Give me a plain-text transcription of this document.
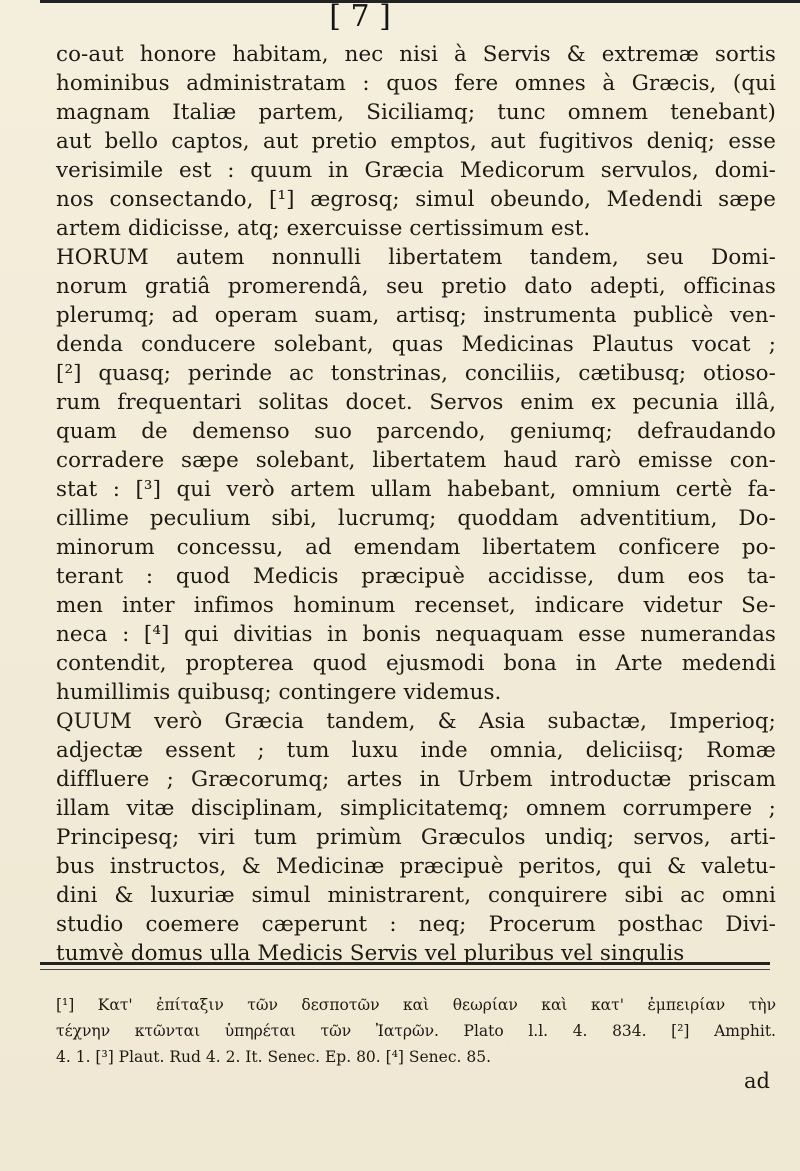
[ 7 ]
co-aut honore habitam, nec nisi à Servis & extremæ sortis
hominibus administratam : quos fere omnes à Græcis, (qui
magnam Italiæ partem, Siciliamq; tunc omnem tenebant)
aut bello captos, aut pretio emptos, aut fugitivos deniq; esse
verisimile est : quum in Græcia Medicorum servulos, domi-
nos consectando, [¹] ægrosq; simul obeundo, Medendi sæpe
artem didicisse, atq; exercuisse certissimum est.
HORUM autem nonnulli libertatem tandem, seu Domi-
norum gratiâ promerendâ, seu pretio dato adepti, officinas
plerumq; ad operam suam, artisq; instrumenta publicè ven-
denda conducere solebant, quas Medicinas Plautus vocat ;
[²] quasq; perinde ac tonstrinas, conciliis, cætibusq; otioso-
rum frequentari solitas docet. Servos enim ex pecunia illâ,
quam de demenso suo parcendo, geniumq; defraudando
corradere sæpe solebant, libertatem haud rarò emisse con-
stat : [³] qui verò artem ullam habebant, omnium certè fa-
cillime peculium sibi, lucrumq; quoddam adventitium, Do-
minorum concessu, ad emendam libertatem conficere po-
terant : quod Medicis præcipuè accidisse, dum eos ta-
men inter infimos hominum recenset, indicare videtur Se-
neca : [⁴] qui divitias in bonis nequaquam esse numerandas
contendit, propterea quod ejusmodi bona in Arte medendi
humillimis quibusq; contingere videmus.
QUUM verò Græcia tandem, & Asia subactæ, Imperioq;
adjectæ essent ; tum luxu inde omnia, deliciisq; Romæ
diffluere ; Græcorumq; artes in Urbem introductæ priscam
illam vitæ disciplinam, simplicitatemq; omnem corrumpere ;
Principesq; viri tum primùm Græculos undiq; servos, arti-
bus instructos, & Medicinæ præcipuè peritos, qui & valetu-
dini & luxuriæ simul ministrarent, conquirere sibi ac omni
studio coemere cæperunt : neq; Procerum posthac Divi-
tumvè domus ulla Medicis Servis vel pluribus vel singulis
[¹] Κατ' ἐπίταξιν τῶν δεσποτῶν καὶ θεωρίαν καὶ κατ' ἐμπειρίαν τὴν
τέχνην κτῶνται ὑπηρέται τῶν Ἰατρῶν. Plato l.l. 4. 834. [²] Amphit.
4. 1. [³] Plaut. Rud 4. 2. It. Senec. Ep. 80. [⁴] Senec. 85.
ad
